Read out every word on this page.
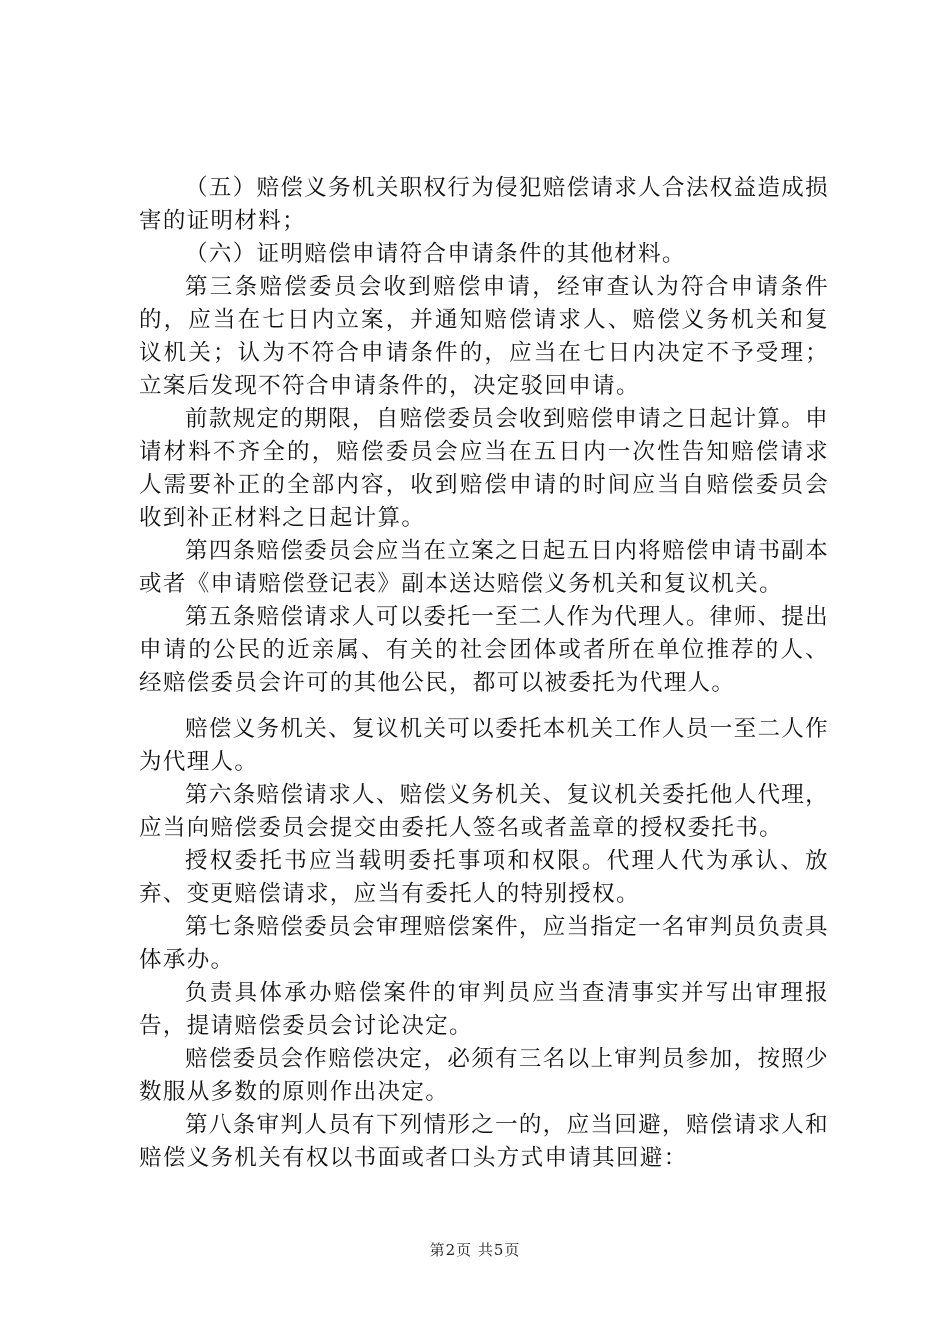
（五）赔偿义务机关职权行为侵犯赔偿请求人合法权益造成损害的证明材料；

（六）证明赔偿申请符合申请条件的其他材料。

第三条赔偿委员会收到赔偿申请，经审查认为符合申请条件的，应当在七日内立案，并通知赔偿请求人、赔偿义务机关和复议机关；认为不符合申请条件的，应当在七日内决定不予受理；立案后发现不符合申请条件的，决定驳回申请。

前款规定的期限，自赔偿委员会收到赔偿申请之日起计算。申请材料不齐全的，赔偿委员会应当在五日内一次性告知赔偿请求人需要补正的全部内容，收到赔偿申请的时间应当自赔偿委员会收到补正材料之日起计算。

第四条赔偿委员会应当在立案之日起五日内将赔偿申请书副本或者《申请赔偿登记表》副本送达赔偿义务机关和复议机关。

第五条赔偿请求人可以委托一至二人作为代理人。律师、提出申请的公民的近亲属、有关的社会团体或者所在单位推荐的人、经赔偿委员会许可的其他公民，都可以被委托为代理人。

赔偿义务机关、复议机关可以委托本机关工作人员一至二人作为代理人。

第六条赔偿请求人、赔偿义务机关、复议机关委托他人代理，应当向赔偿委员会提交由委托人签名或者盖章的授权委托书。

授权委托书应当载明委托事项和权限。代理人代为承认、放弃、变更赔偿请求，应当有委托人的特别授权。

第七条赔偿委员会审理赔偿案件，应当指定一名审判员负责具体承办。

负责具体承办赔偿案件的审判员应当查清事实并写出审理报告，提请赔偿委员会讨论决定。

赔偿委员会作赔偿决定，必须有三名以上审判员参加，按照少数服从多数的原则作出决定。

第八条审判人员有下列情形之一的，应当回避，赔偿请求人和赔偿义务机关有权以书面或者口头方式申请其回避：

第2页 共5页
